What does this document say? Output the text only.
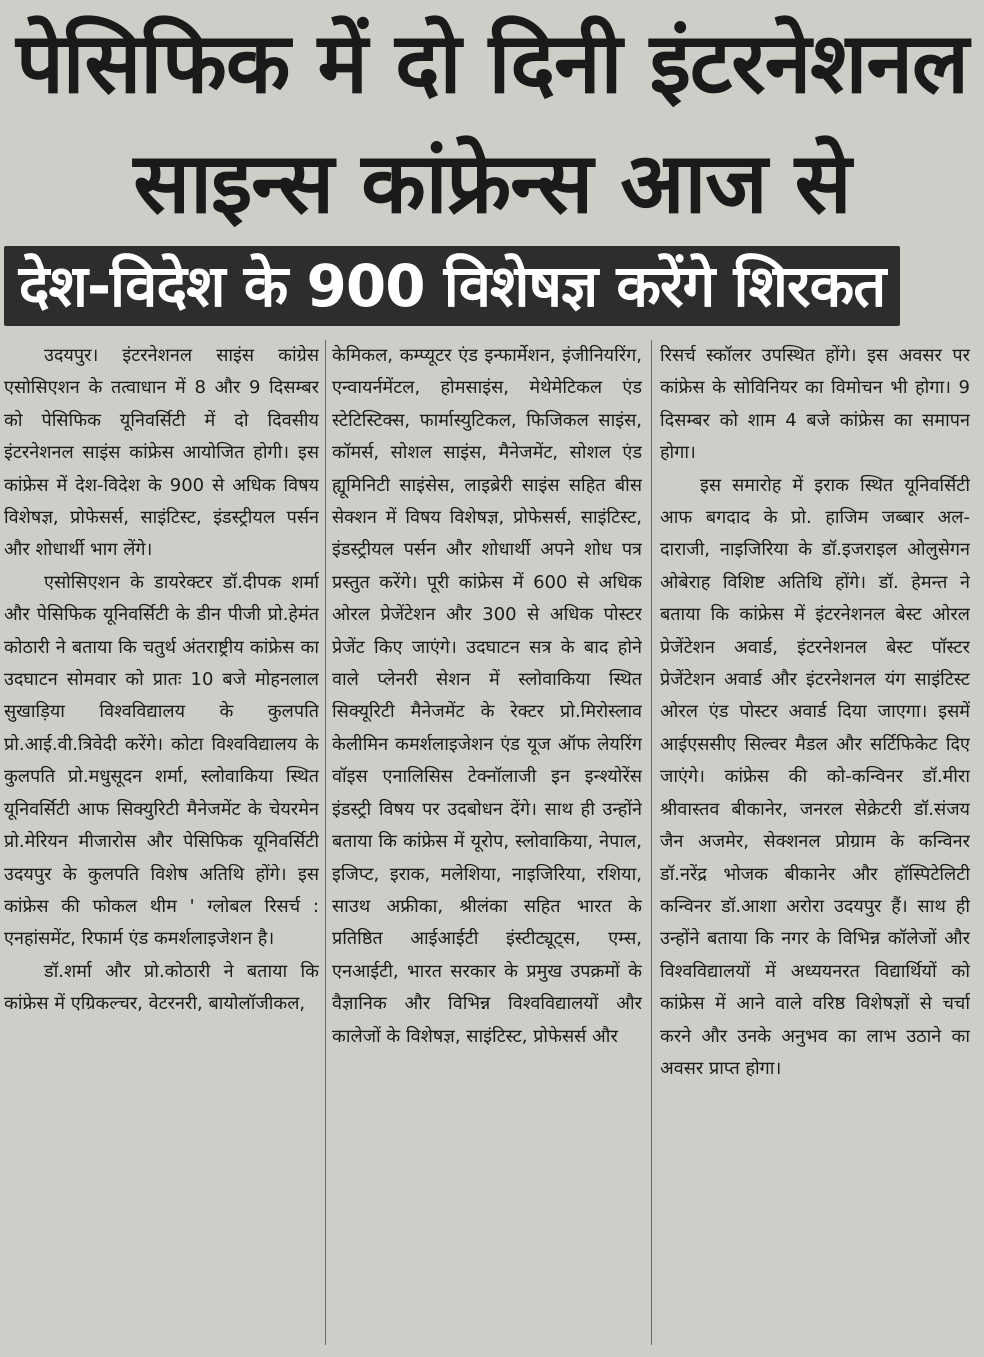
पेसिफिक में दो दिनी इंटरनेशनल
साइन्स कांफ्रेन्स आज से
देश-विदेश के 900 विशेषज्ञ करेंगे शिरकत

उदयपुर। इंटरनेशनल साइंस कांग्रेस एसोसिएशन के तत्वाधान में 8 और 9 दिसम्बर को पेसिफिक यूनिवर्सिटी में दो दिवसीय इंटरनेशनल साइंस कांफ्रेस आयोजित होगी। इस कांफ्रेस में देश-विदेश के 900 से अधिक विषय विशेषज्ञ, प्रोफेसर्स, साइंटिस्ट, इंडस्ट्रीयल पर्सन और शोधार्थी भाग लेंगे।

एसोसिएशन के डायरेक्टर डॉ.दीपक शर्मा और पेसिफिक यूनिवर्सिटी के डीन पीजी प्रो.हेमंत कोठारी ने बताया कि चतुर्थ अंतराष्ट्रीय कांफ्रेस का उदघाटन सोमवार को प्रातः 10 बजे मोहनलाल सुखाड़िया विश्वविद्यालय के कुलपति प्रो.आई.वी.त्रिवेदी करेंगे। कोटा विश्वविद्यालय के कुलपति प्रो.मधुसूदन शर्मा, स्लोवाकिया स्थित यूनिवर्सिटी आफ सिक्युरिटी मैनेजमेंट के चेयरमेन प्रो.मेरियन मीजारोस और पेसिफिक यूनिवर्सिटी उदयपुर के कुलपति विशेष अतिथि होंगे। इस कांफ्रेस की फोकल थीम ' ग्लोबल रिसर्च : एनहांसमेंट, रिफार्म एंड कमर्शलाइजेशन है।

डॉ.शर्मा और प्रो.कोठारी ने बताया कि कांफ्रेस में एग्रिकल्चर, वेटरनरी, बायोलॉजीकल,

केमिकल, कम्प्यूटर एंड इन्फार्मेशन, इंजीनियरिंग, एन्वायर्नमेंटल, होमसाइंस, मेथेमेटिकल एंड स्टेटिस्टिक्स, फार्मास्युटिकल, फिजिकल साइंस, कॉमर्स, सोशल साइंस, मैनेजमेंट, सोशल एंड ह्यूमिनिटी साइंसेस, लाइब्रेरी साइंस सहित बीस सेक्शन में विषय विशेषज्ञ, प्रोफेसर्स, साइंटिस्ट, इंडस्ट्रीयल पर्सन और शोधार्थी अपने शोध पत्र प्रस्तुत करेंगे। पूरी कांफ्रेस में 600 से अधिक ओरल प्रेजेंटेशन और 300 से अधिक पोस्टर प्रेजेंट किए जाएंगे। उदघाटन सत्र के बाद होने वाले प्लेनरी सेशन में स्लोवाकिया स्थित सिक्यूरिटी मैनेजमेंट के रेक्टर प्रो.मिरोस्लाव केलीमिन कमर्शलाइजेशन एंड यूज ऑफ लेयरिंग वॉइस एनालिसिस टेक्नॉलाजी इन इन्श्योरेंस इंडस्ट्री विषय पर उदबोधन देंगे। साथ ही उन्होंने बताया कि कांफ्रेस में यूरोप, स्लोवाकिया, नेपाल, इजिप्ट, इराक, मलेशिया, नाइजिरिया, रशिया, साउथ अफ्रीका, श्रीलंका सहित भारत के प्रतिष्ठित आईआईटी इंस्टीट्यूट्स, एम्स, एनआईटी, भारत सरकार के प्रमुख उपक्रमों के वैज्ञानिक और विभिन्न विश्वविद्यालयों और कालेजों के विशेषज्ञ, साइंटिस्ट, प्रोफेसर्स और

रिसर्च स्कॉलर उपस्थित होंगे। इस अवसर पर कांफ्रेस के सोविनियर का विमोचन भी होगा। 9 दिसम्बर को शाम 4 बजे कांफ्रेस का समापन होगा।

इस समारोह में इराक स्थित यूनिवर्सिटी आफ बगदाद के प्रो. हाजिम जब्बार अल-दाराजी, नाइजिरिया के डॉ.इजराइल ओलुसेगन ओबेराह विशिष्ट अतिथि होंगे। डॉ. हेमन्त ने बताया कि कांफ्रेस में इंटरनेशनल बेस्ट ओरल प्रेजेंटेशन अवार्ड, इंटरनेशनल बेस्ट पॉस्टर प्रेजेंटेशन अवार्ड और इंटरनेशनल यंग साइंटिस्ट ओरल एंड पोस्टर अवार्ड दिया जाएगा। इसमें आईएससीए सिल्वर मैडल और सर्टिफिकेट दिए जाएंगे। कांफ्रेस की को-कन्विनर डॉ.मीरा श्रीवास्तव बीकानेर, जनरल सेक्रेटरी डॉ.संजय जैन अजमेर, सेक्शनल प्रोग्राम के कन्विनर डॉ.नरेंद्र भोजक बीकानेर और हॉस्पिटेलिटी कन्विनर डॉ.आशा अरोरा उदयपुर हैं। साथ ही उन्होंने बताया कि नगर के विभिन्न कॉलेजों और विश्वविद्यालयों में अध्ययनरत विद्यार्थियों को कांफ्रेस में आने वाले वरिष्ठ विशेषज्ञों से चर्चा करने और उनके अनुभव का लाभ उठाने का अवसर प्राप्त होगा।
